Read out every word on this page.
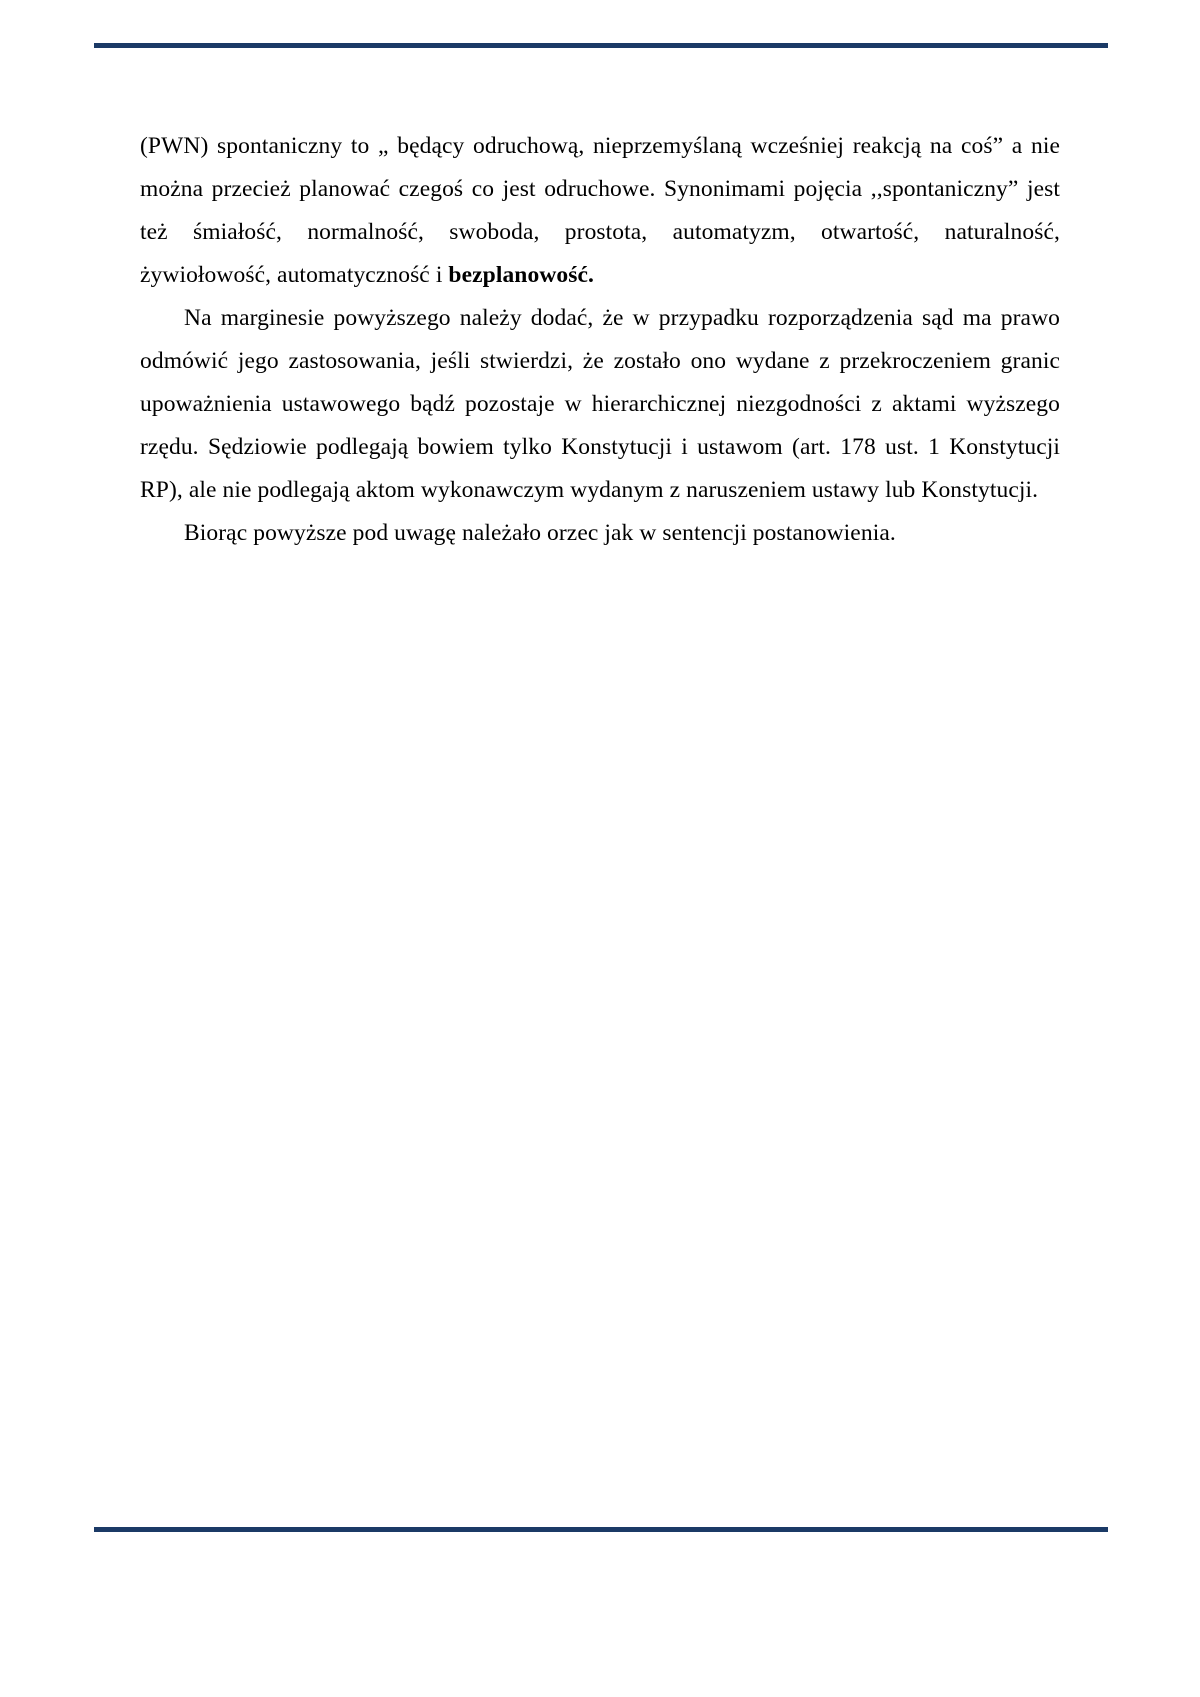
(PWN) spontaniczny to „ będący odruchową, nieprzemyślaną wcześniej reakcją na coś” a nie można przecież planować czegoś co jest odruchowe. Synonimami pojęcia ,,spontaniczny” jest też śmiałość, normalność, swoboda, prostota, automatyzm, otwartość, naturalność, żywiołowość, automatyczność i bezplanowość.

Na marginesie powyższego należy dodać, że w przypadku rozporządzenia sąd ma prawo odmówić jego zastosowania, jeśli stwierdzi, że zostało ono wydane z przekroczeniem granic upoważnienia ustawowego bądź pozostaje w hierarchicznej niezgodności z aktami wyższego rzędu. Sędziowie podlegają bowiem tylko Konstytucji i ustawom (art. 178 ust. 1 Konstytucji RP), ale nie podlegają aktom wykonawczym wydanym z naruszeniem ustawy lub Konstytucji.

Biorąc powyższe pod uwagę należało orzec jak w sentencji postanowienia.
